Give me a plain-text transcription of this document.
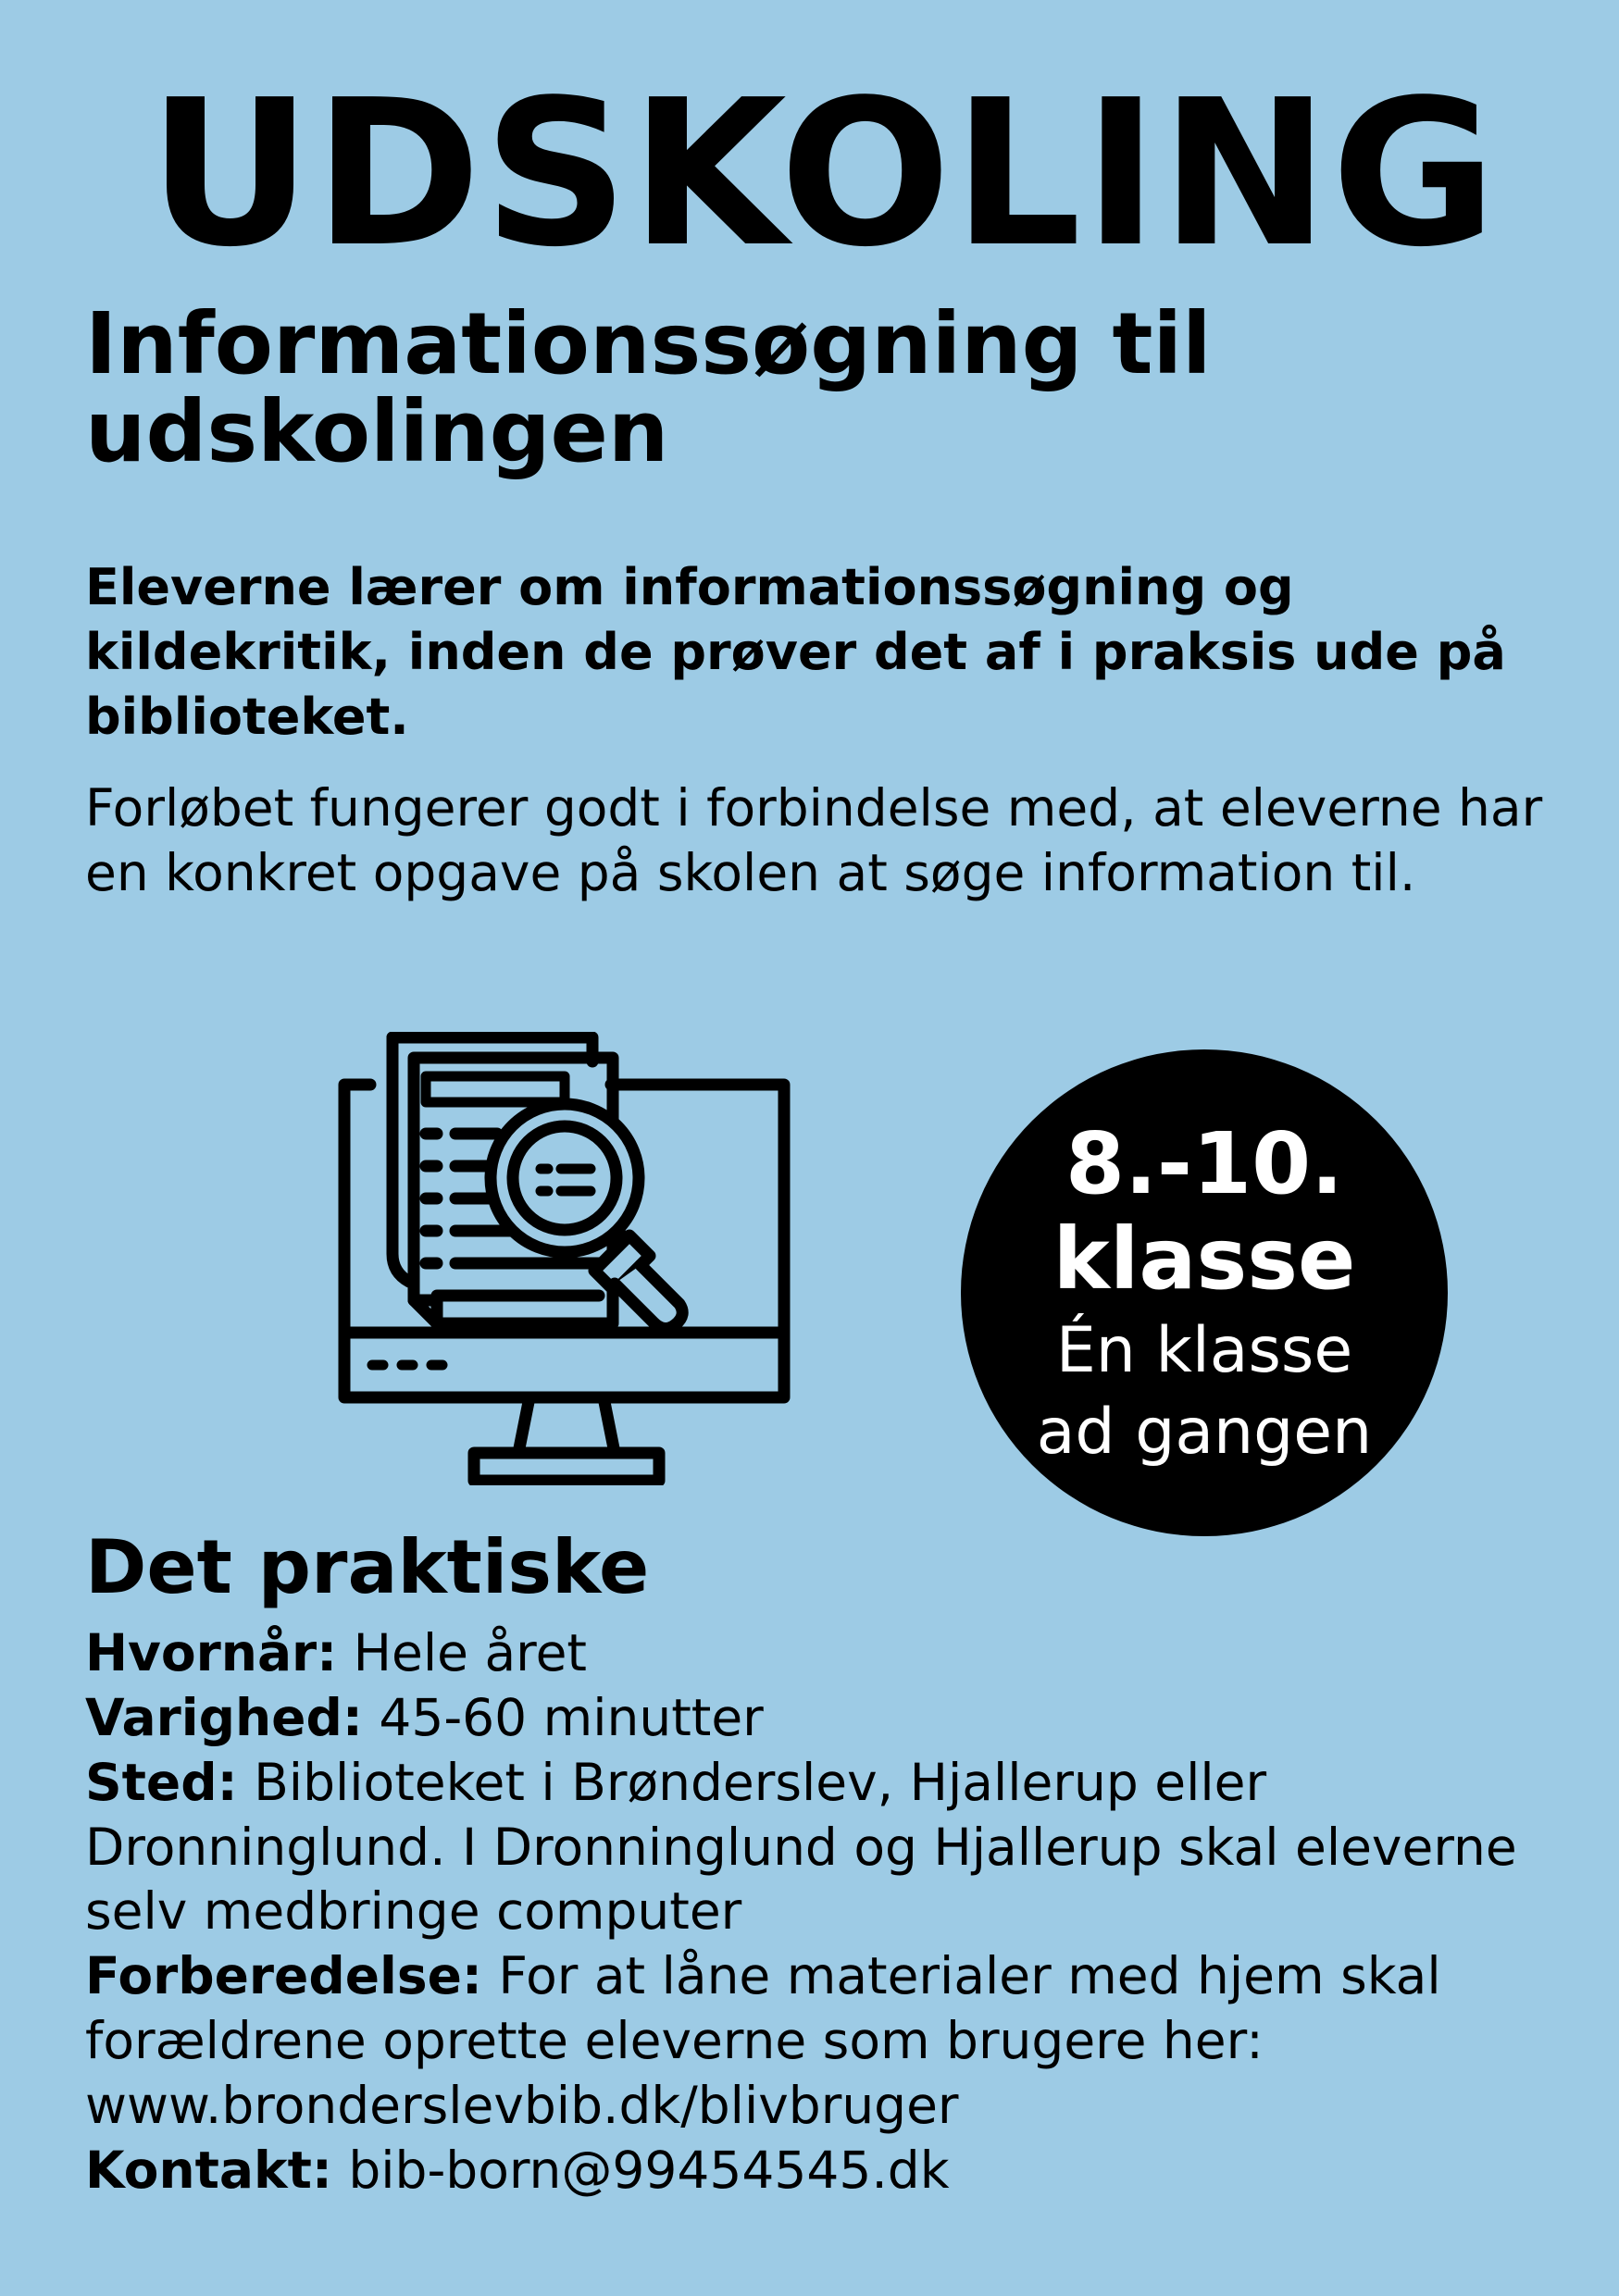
UDSKOLING
Informationssøgning til udskolingen
Eleverne lærer om informationssøgning og kildekritik, inden de prøver det af i praksis ude på biblioteket.
Forløbet fungerer godt i forbindelse med, at eleverne har en konkret opgave på skolen at søge information til.
8.-10.
klasse
Én klasse
ad gangen
Det praktiske

Hvornår: Hele året

Varighed: 45-60 minutter

Sted: Biblioteket i Brønderslev, Hjallerup eller Dronninglund. I Dronninglund og Hjallerup skal eleverne selv medbringe computer

Forberedelse: For at låne materialer med hjem skal forældrene oprette eleverne som brugere her: www.bronderslevbib.dk/blivbruger

Kontakt: bib-born@99454545.dk
